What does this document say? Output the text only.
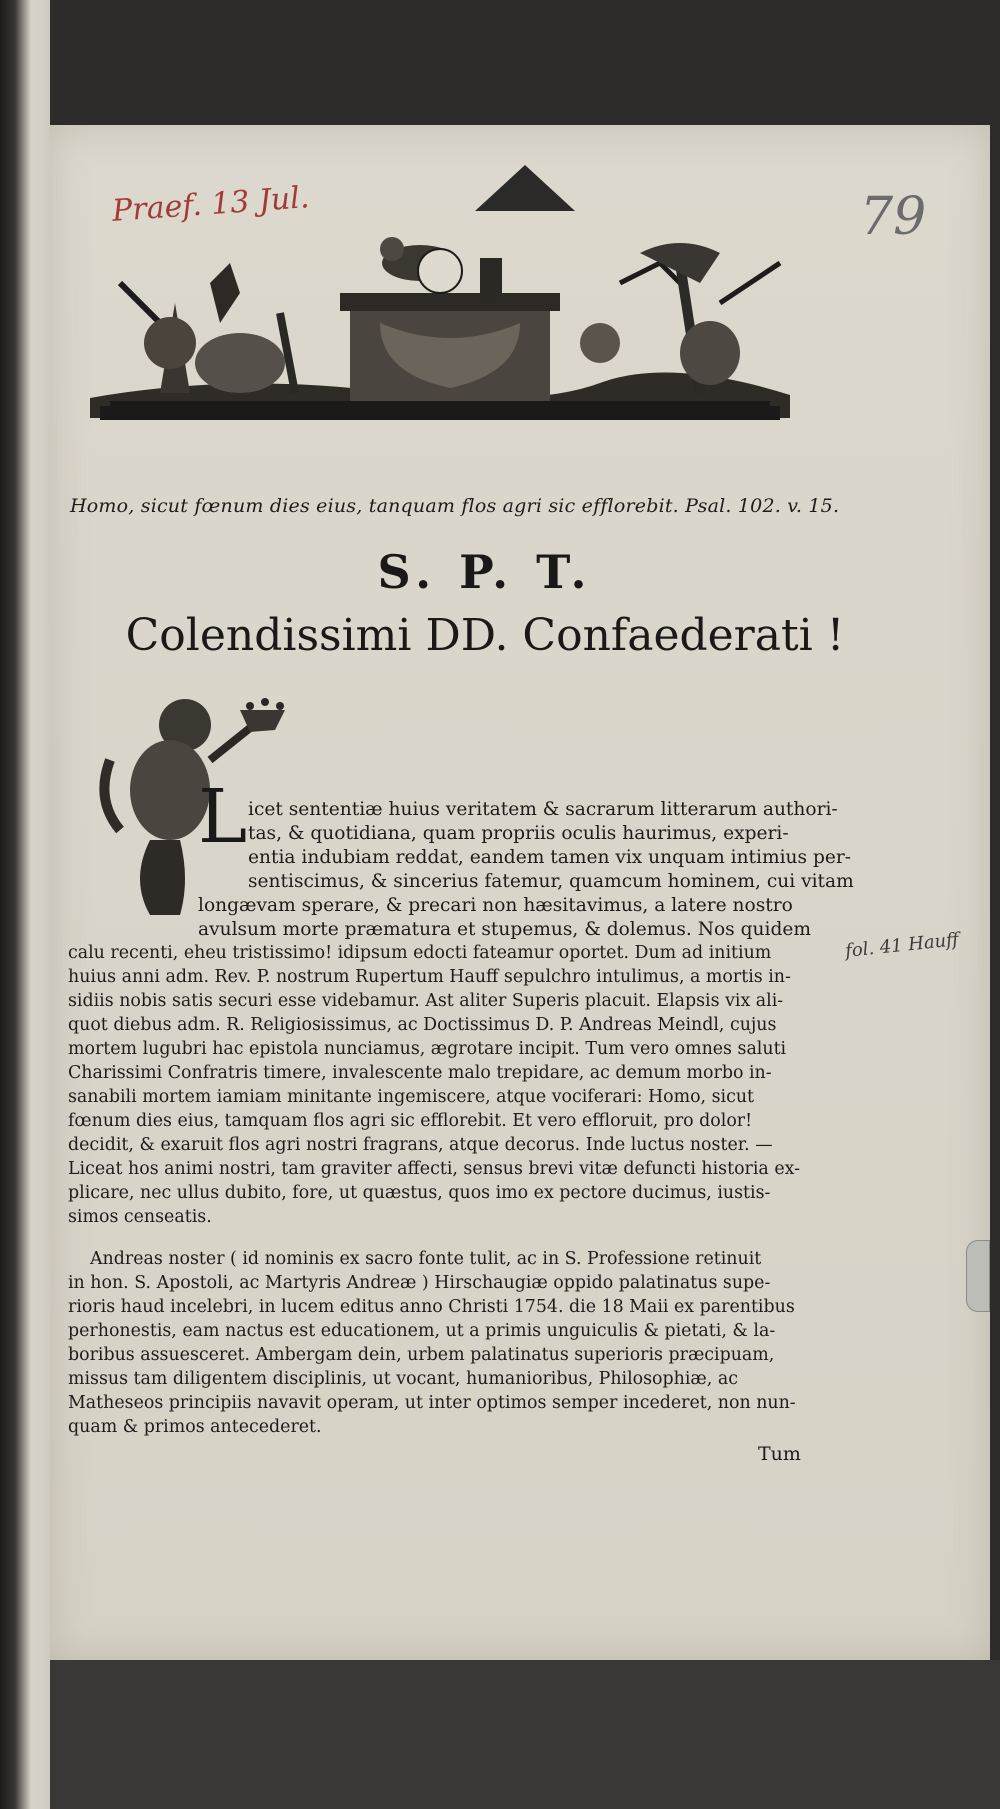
Praef. 13 Jul.	79
fol. 41 Hauff
Homo, sicut fœnum dies eius, tanquam flos agri sic efflorebit. Psal. 102. v. 15.
S. P. T.
Colendissimi DD. Confaederati !
L icet sententiæ huius veritatem & sacrarum litterarum authori-
tas, & quotidiana, quam propriis oculis haurimus, experi-
entia indubiam reddat, eandem tamen vix unquam intimius per-
sentiscimus, & sincerius fatemur, quamcum hominem, cui vitam
longævam sperare, & precari non hæsitavimus, a latere nostro
avulsum morte præmatura et stupemus, & dolemus. Nos quidem
calu recenti, eheu tristissimo! idipsum edocti fateamur oportet. Dum ad initium
huius anni adm. Rev. P. nostrum Rupertum Hauff sepulchro intulimus, a mortis in-
sidiis nobis satis securi esse videbamur. Ast aliter Superis placuit. Elapsis vix ali-
quot diebus adm. R. Religiosissimus, ac Doctissimus D. P. Andreas Meindl, cujus
mortem lugubri hac epistola nunciamus, ægrotare incipit. Tum vero omnes saluti
Charissimi Confratris timere, invalescente malo trepidare, ac demum morbo in-
sanabili mortem iamiam minitante ingemiscere, atque vociferari: Homo, sicut
fœnum dies eius, tamquam flos agri sic efflorebit. Et vero effloruit, pro dolor!
decidit, & exaruit flos agri nostri fragrans, atque decorus. Inde luctus noster. —
Liceat hos animi nostri, tam graviter affecti, sensus brevi vitæ defuncti historia ex-
plicare, nec ullus dubito, fore, ut quæstus, quos imo ex pectore ducimus, iustis-
simos censeatis.
Andreas noster ( id nominis ex sacro fonte tulit, ac in S. Professione retinuit
in hon. S. Apostoli, ac Martyris Andreæ ) Hirschaugiæ oppido palatinatus supe-
rioris haud incelebri, in lucem editus anno Christi 1754. die 18 Maii ex parentibus
perhonestis, eam nactus est educationem, ut a primis unguiculis & pietati, & la-
boribus assuesceret. Ambergam dein, urbem palatinatus superioris præcipuam,
missus tam diligentem disciplinis, ut vocant, humanioribus, Philosophiæ, ac
Matheseos principiis navavit operam, ut inter optimos semper incederet, non nun-
quam & primos antecederet.
Tum
